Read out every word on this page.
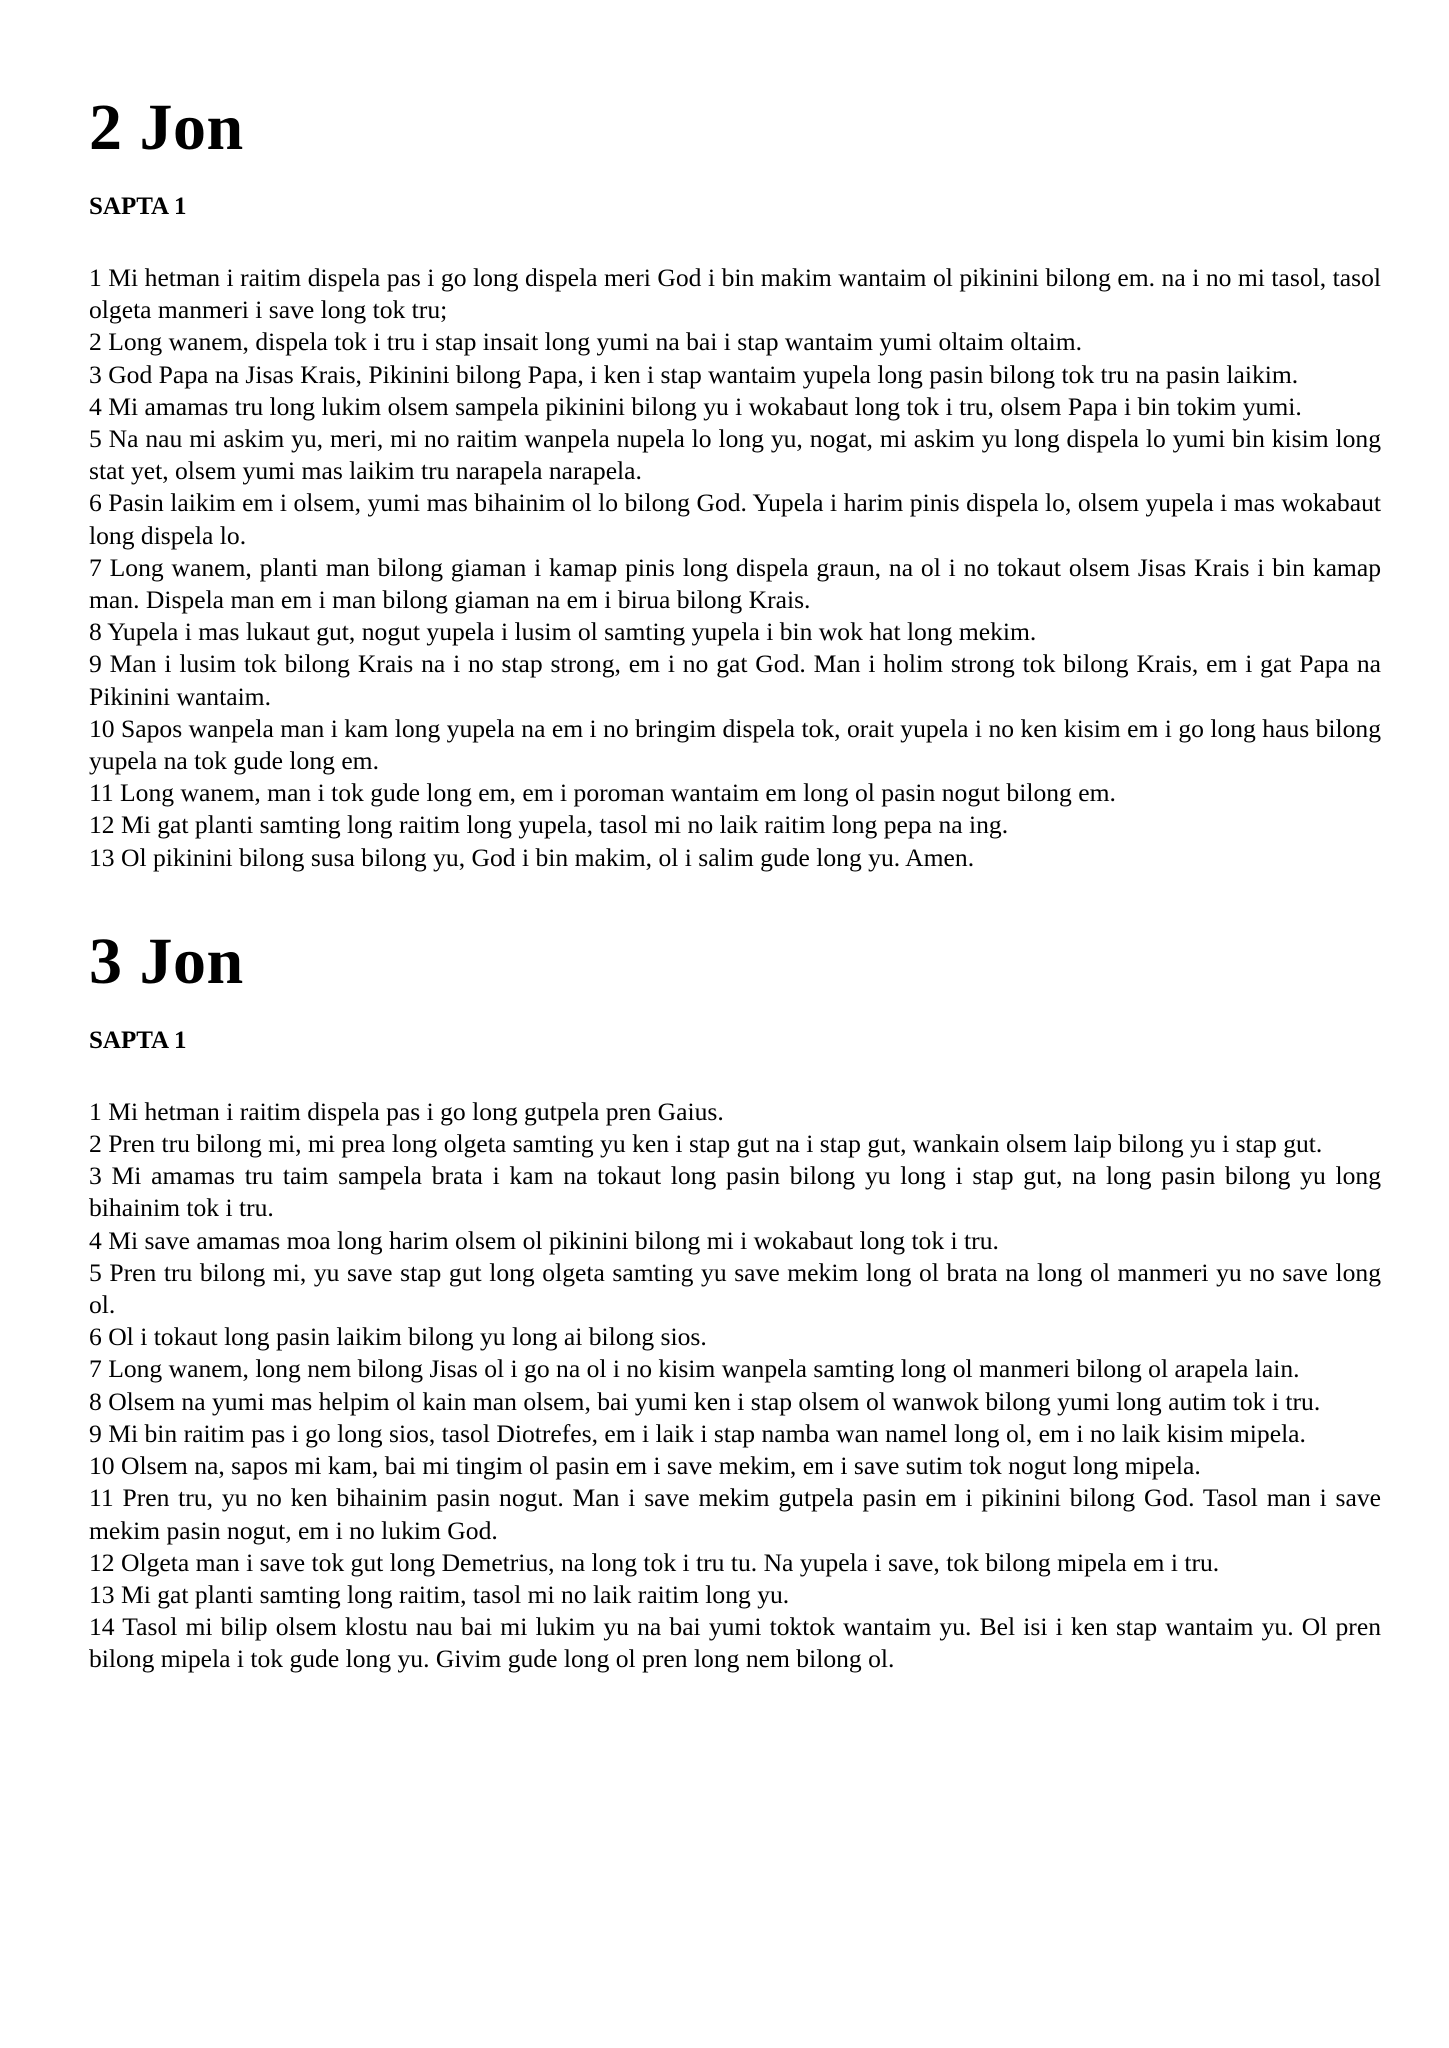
2 Jon
SAPTA 1

1 Mi hetman i raitim dispela pas i go long dispela meri God i bin makim wantaim ol pikinini bilong em. na i no mi tasol, tasol olgeta manmeri i save long tok tru;

2 Long wanem, dispela tok i tru i stap insait long yumi na bai i stap wantaim yumi oltaim oltaim.

3 God Papa na Jisas Krais, Pikinini bilong Papa, i ken i stap wantaim yupela long pasin bilong tok tru na pasin laikim.

4 Mi amamas tru long lukim olsem sampela pikinini bilong yu i wokabaut long tok i tru, olsem Papa i bin tokim yumi.

5 Na nau mi askim yu, meri, mi no raitim wanpela nupela lo long yu, nogat, mi askim yu long dispela lo yumi bin kisim long stat yet, olsem yumi mas laikim tru narapela narapela.

6 Pasin laikim em i olsem, yumi mas bihainim ol lo bilong God. Yupela i harim pinis dispela lo, olsem yupela i mas wokabaut long dispela lo.

7 Long wanem, planti man bilong giaman i kamap pinis long dispela graun, na ol i no tokaut olsem Jisas Krais i bin kamap man. Dispela man em i man bilong giaman na em i birua bilong Krais.

8 Yupela i mas lukaut gut, nogut yupela i lusim ol samting yupela i bin wok hat long mekim.

9 Man i lusim tok bilong Krais na i no stap strong, em i no gat God. Man i holim strong tok bilong Krais, em i gat Papa na Pikinini wantaim.

10 Sapos wanpela man i kam long yupela na em i no bringim dispela tok, orait yupela i no ken kisim em i go long haus bilong yupela na tok gude long em.

11 Long wanem, man i tok gude long em, em i poroman wantaim em long ol pasin nogut bilong em.

12 Mi gat planti samting long raitim long yupela, tasol mi no laik raitim long pepa na ing.

13 Ol pikinini bilong susa bilong yu, God i bin makim, ol i salim gude long yu. Amen.

3 Jon
SAPTA 1

1 Mi hetman i raitim dispela pas i go long gutpela pren Gaius.

2 Pren tru bilong mi, mi prea long olgeta samting yu ken i stap gut na i stap gut, wankain olsem laip bilong yu i stap gut.

3 Mi amamas tru taim sampela brata i kam na tokaut long pasin bilong yu long i stap gut, na long pasin bilong yu long bihainim tok i tru.

4 Mi save amamas moa long harim olsem ol pikinini bilong mi i wokabaut long tok i tru.

5 Pren tru bilong mi, yu save stap gut long olgeta samting yu save mekim long ol brata na long ol manmeri yu no save long ol.

6 Ol i tokaut long pasin laikim bilong yu long ai bilong sios.

7 Long wanem, long nem bilong Jisas ol i go na ol i no kisim wanpela samting long ol manmeri bilong ol arapela lain.

8 Olsem na yumi mas helpim ol kain man olsem, bai yumi ken i stap olsem ol wanwok bilong yumi long autim tok i tru.

9 Mi bin raitim pas i go long sios, tasol Diotrefes, em i laik i stap namba wan namel long ol, em i no laik kisim mipela.

10 Olsem na, sapos mi kam, bai mi tingim ol pasin em i save mekim, em i save sutim tok nogut long mipela.

11 Pren tru, yu no ken bihainim pasin nogut. Man i save mekim gutpela pasin em i pikinini bilong God. Tasol man i save mekim pasin nogut, em i no lukim God.

12 Olgeta man i save tok gut long Demetrius, na long tok i tru tu. Na yupela i save, tok bilong mipela em i tru.

13 Mi gat planti samting long raitim, tasol mi no laik raitim long yu.

14 Tasol mi bilip olsem klostu nau bai mi lukim yu na bai yumi toktok wantaim yu. Bel isi i ken stap wantaim yu. Ol pren bilong mipela i tok gude long yu. Givim gude long ol pren long nem bilong ol.
